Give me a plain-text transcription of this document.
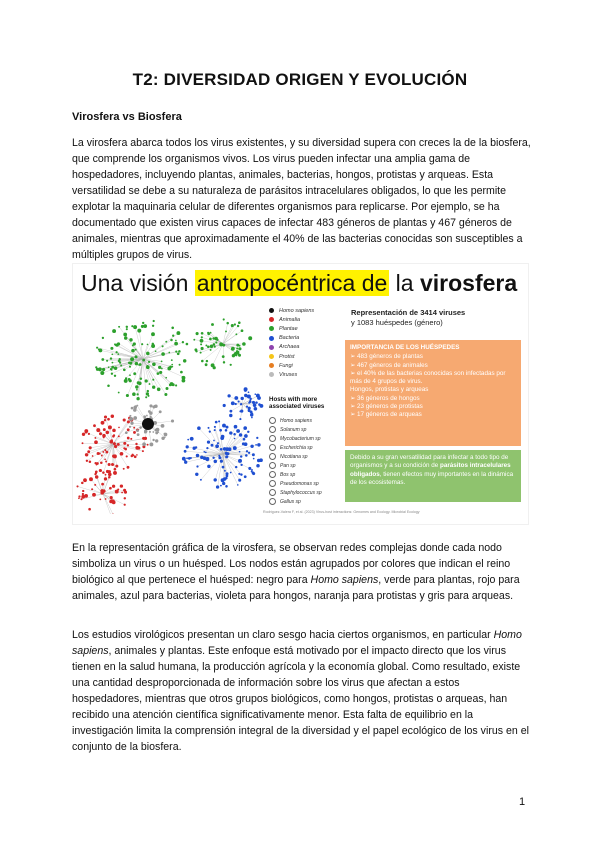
T2: DIVERSIDAD ORIGEN Y EVOLUCIÓN
Virosfera vs Biosfera

La virosfera abarca todos los virus existentes, y su diversidad supera con creces la de la biosfera, que comprende los organismos vivos. Los virus pueden infectar una amplia gama de hospedadores, incluyendo plantas, animales, bacterias, hongos, protistas y arqueas. Esta versatilidad se debe a su naturaleza de parásitos intracelulares obligados, lo que les permite explotar la maquinaria celular de diferentes organismos para replicarse. Por ejemplo, se ha documentado que existen virus capaces de infectar 483 géneros de plantas y 467 géneros de animales, mientras que aproximadamente el 40% de las bacterias conocidas son susceptibles a múltiples grupos de virus.

Una visión antropocéntrica de la virosfera
Homo sapiens
Animalia
Plantae
Bacteria
Archaea
Protist
Fungi
Viruses
Hosts with more associated viruses
Homo sapiens
Solanum sp
Mycobacterium sp
Escherichia sp
Nicotiana sp
Pan sp
Bos sp
Pseudomonas sp
Staphylococcus sp
Gallus sp
Representación de 3414 viruses
y 1083 huéspedes (género)
IMPORTANCIA DE LOS HUÉSPEDES
➢ 483 géneros de plantas
➢ 467 géneros de animales
➢ el 40% de las bacterias conocidas son infectadas por más de 4 grupos de virus.
Hongos, protistas y arqueas
➢ 36 géneros de hongos
➢ 23 géneros de protistas
➢ 17 géneros de arqueas
Debido a su gran versatilidad para infectar a todo tipo de organismos y a su condición de parásitos intracelulares obligados, tienen efectos muy importantes en la dinámica de los ecosistemas.
Rodríguez-Valera F, et al. (2023) Virus-host interactions: Genomes and Ecology. Microbial Ecology

En la representación gráfica de la virosfera, se observan redes complejas donde cada nodo simboliza un virus o un huésped. Los nodos están agrupados por colores que indican el reino biológico al que pertenece el huésped: negro para Homo sapiens, verde para plantas, rojo para animales, azul para bacterias, violeta para hongos, naranja para protistas y gris para arqueas.

Los estudios virológicos presentan un claro sesgo hacia ciertos organismos, en particular Homo sapiens, animales y plantas. Este enfoque está motivado por el impacto directo que los virus tienen en la salud humana, la producción agrícola y la economía global. Como resultado, existe una cantidad desproporcionada de información sobre los virus que afectan a estos hospedadores, mientras que otros grupos biológicos, como hongos, protistas o arqueas, han recibido una atención científica significativamente menor. Esta falta de equilibrio en la investigación limita la comprensión integral de la diversidad y el papel ecológico de los virus en el conjunto de la biosfera.

1
